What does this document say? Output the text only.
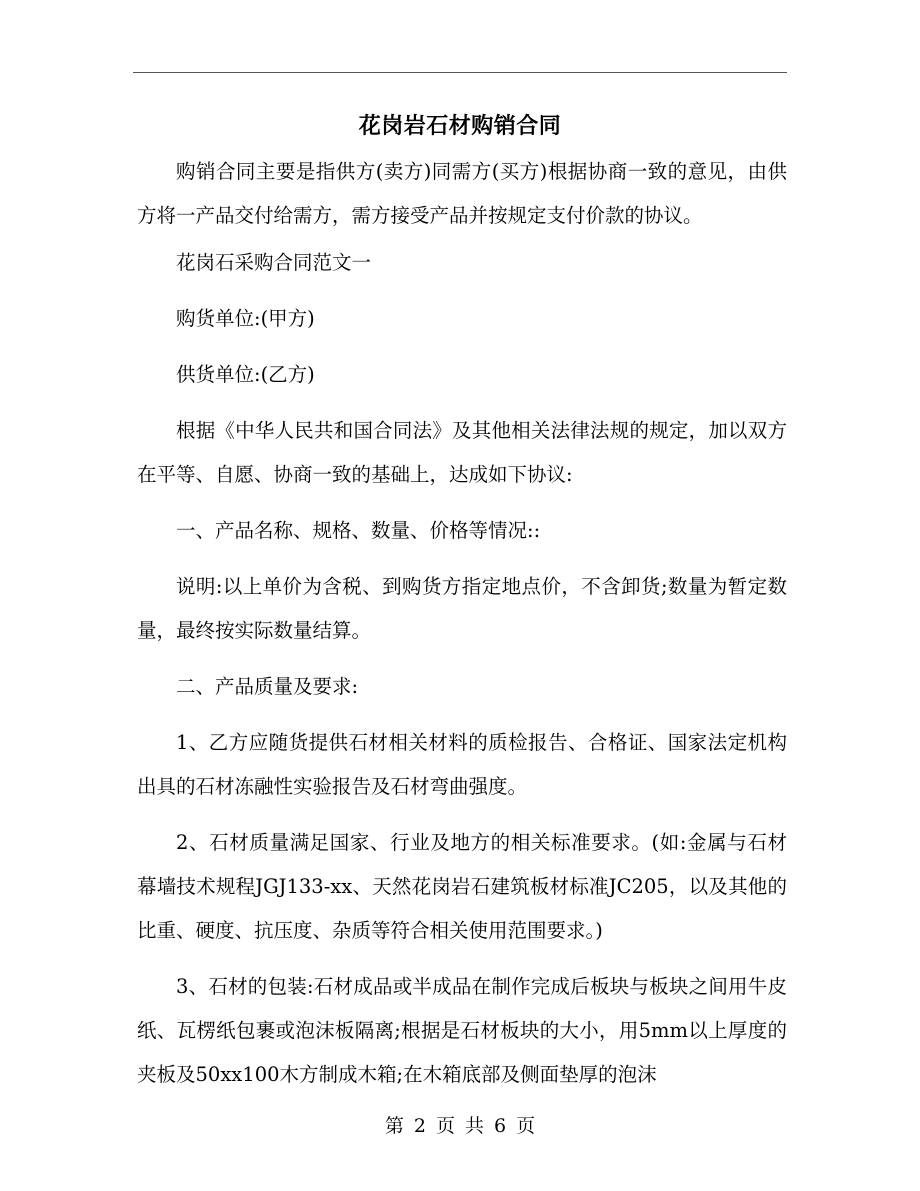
花岗岩石材购销合同

购销合同主要是指供方(卖方)同需方(买方)根据协商一致的意见，由供方将一产品交付给需方，需方接受产品并按规定支付价款的协议。

花岗石采购合同范文一

购货单位:(甲方)

供货单位:(乙方)

根据《中华人民共和国合同法》及其他相关法律法规的规定，加以双方在平等、自愿、协商一致的基础上，达成如下协议:

一、产品名称、规格、数量、价格等情况::

说明:以上单价为含税、到购货方指定地点价，不含卸货;数量为暂定数量，最终按实际数量结算。

二、产品质量及要求:

1、乙方应随货提供石材相关材料的质检报告、合格证、国家法定机构出具的石材冻融性实验报告及石材弯曲强度。

2、石材质量满足国家、行业及地方的相关标准要求。(如:金属与石材幕墙技术规程JGJ133-xx、天然花岗岩石建筑板材标准JC205，以及其他的比重、硬度、抗压度、杂质等符合相关使用范围要求。)

3、石材的包装:石材成品或半成品在制作完成后板块与板块之间用牛皮纸、瓦楞纸包裹或泡沫板隔离;根据是石材板块的大小，用5mm以上厚度的夹板及50xx100木方制成木箱;在木箱底部及侧面垫厚的泡沫

第 2 页 共 6 页
